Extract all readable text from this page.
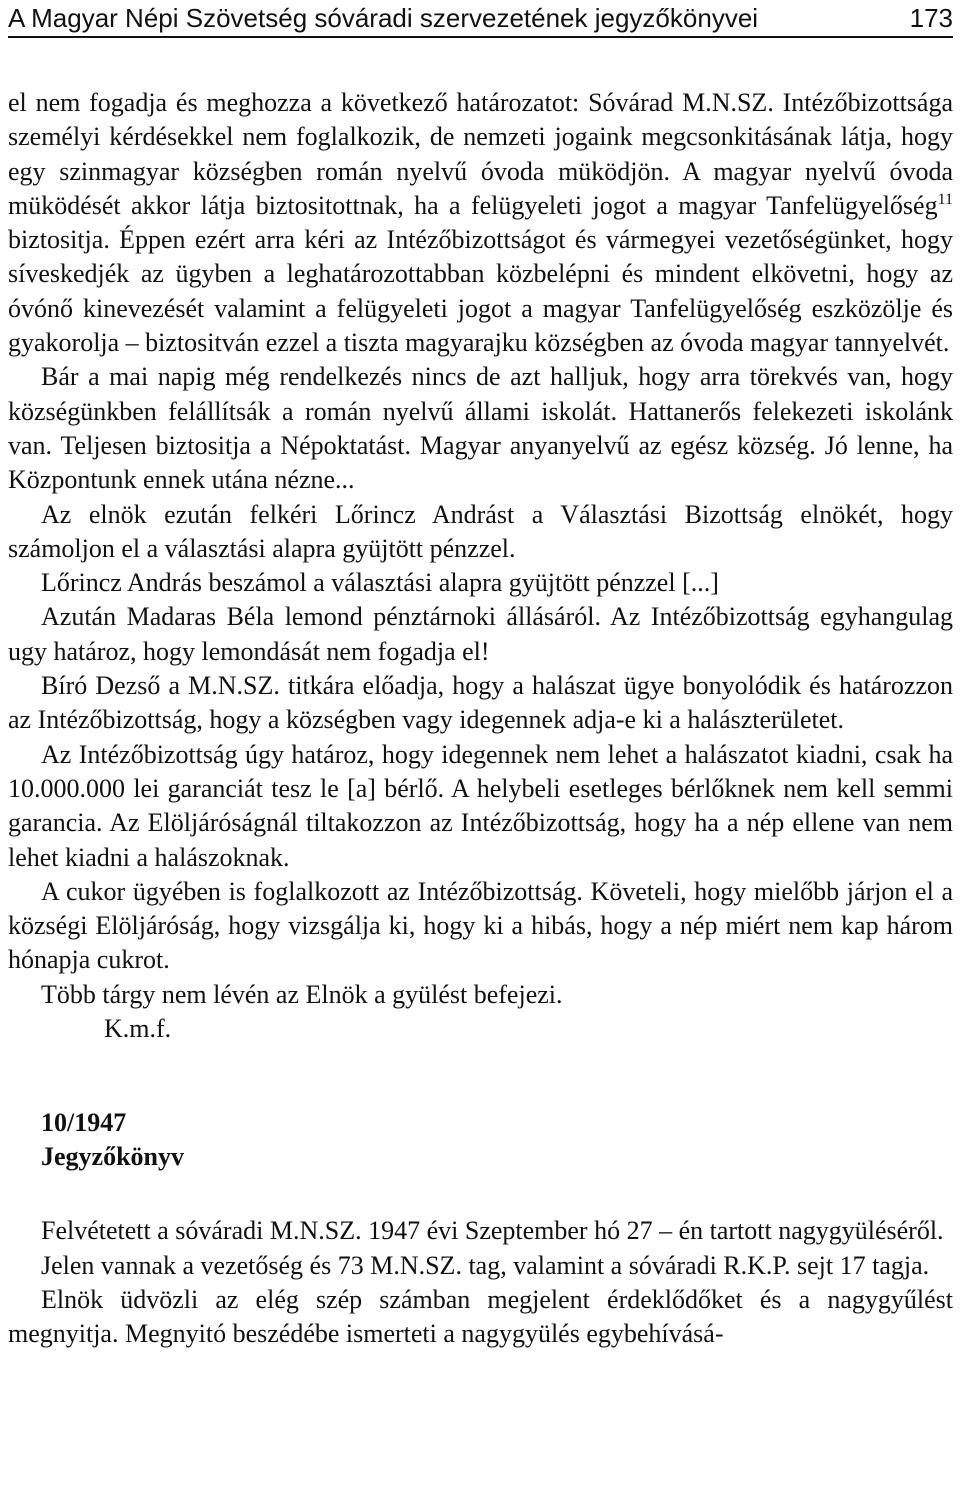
A Magyar Népi Szövetség sóváradi szervezetének jegyzőkönyvei	173

el nem fogadja és meghozza a következő határozatot: Sóvárad M.N.SZ. Intézőbizottsága személyi kérdésekkel nem foglalkozik, de nemzeti jogaink megcsonkitásának látja, hogy egy szinmagyar községben román nyelvű óvoda müködjön. A magyar nyelvű óvoda müködését akkor látja biztositottnak, ha a felügyeleti jogot a magyar Tanfelügyelőség$^{11}$ biztositja. Éppen ezért arra kéri az Intézőbizottságot és vármegyei vezetőségünket, hogy síveskedjék az ügyben a leghatározottabban közbelépni és mindent elkövetni, hogy az óvónő kinevezését valamint a felügyeleti jogot a magyar Tanfelügyelőség eszközölje és gyakorolja – biztositván ezzel a tiszta magyarajku községben az óvoda magyar tannyelvét.

Bár a mai napig még rendelkezés nincs de azt halljuk, hogy arra törekvés van, hogy községünkben felállítsák a román nyelvű állami iskolát. Hattanerős felekezeti iskolánk van. Teljesen biztositja a Népoktatást. Magyar anyanyelvű az egész község. Jó lenne, ha Központunk ennek utána nézne...

Az elnök ezután felkéri Lőrincz Andrást a Választási Bizottság elnökét, hogy számoljon el a választási alapra gyüjtött pénzzel.

Lőrincz András beszámol a választási alapra gyüjtött pénzzel [...]

Azután Madaras Béla lemond pénztárnoki állásáról. Az Intézőbizottság egyhangulag ugy határoz, hogy lemondását nem fogadja el!

Bíró Dezső a M.N.SZ. titkára előadja, hogy a halászat ügye bonyolódik és határozzon az Intézőbizottság, hogy a községben vagy idegennek adja-e ki a halászterületet.

Az Intézőbizottság úgy határoz, hogy idegennek nem lehet a halászatot kiadni, csak ha 10.000.000 lei garanciát tesz le [a] bérlő. A helybeli esetleges bérlőknek nem kell semmi garancia. Az Elöljáróságnál tiltakozzon az Intézőbizottság, hogy ha a nép ellene van nem lehet kiadni a halászoknak.

A cukor ügyében is foglalkozott az Intézőbizottság. Követeli, hogy mielőbb járjon el a községi Elöljáróság, hogy vizsgálja ki, hogy ki a hibás, hogy a nép miért nem kap három hónapja cukrot.

Több tárgy nem lévén az Elnök a gyülést befejezi.

K.m.f.

10/1947

Jegyzőkönyv

Felvétetett a sóváradi M.N.SZ. 1947 évi Szeptember hó 27 – én tartott nagygyüléséről.

Jelen vannak a vezetőség és 73 M.N.SZ. tag, valamint a sóváradi R.K.P. sejt 17 tagja.

Elnök üdvözli az elég szép számban megjelent érdeklődőket és a nagygyűlést megnyitja. Megnyitó beszédébe ismerteti a nagygyülés egybehívásá-
